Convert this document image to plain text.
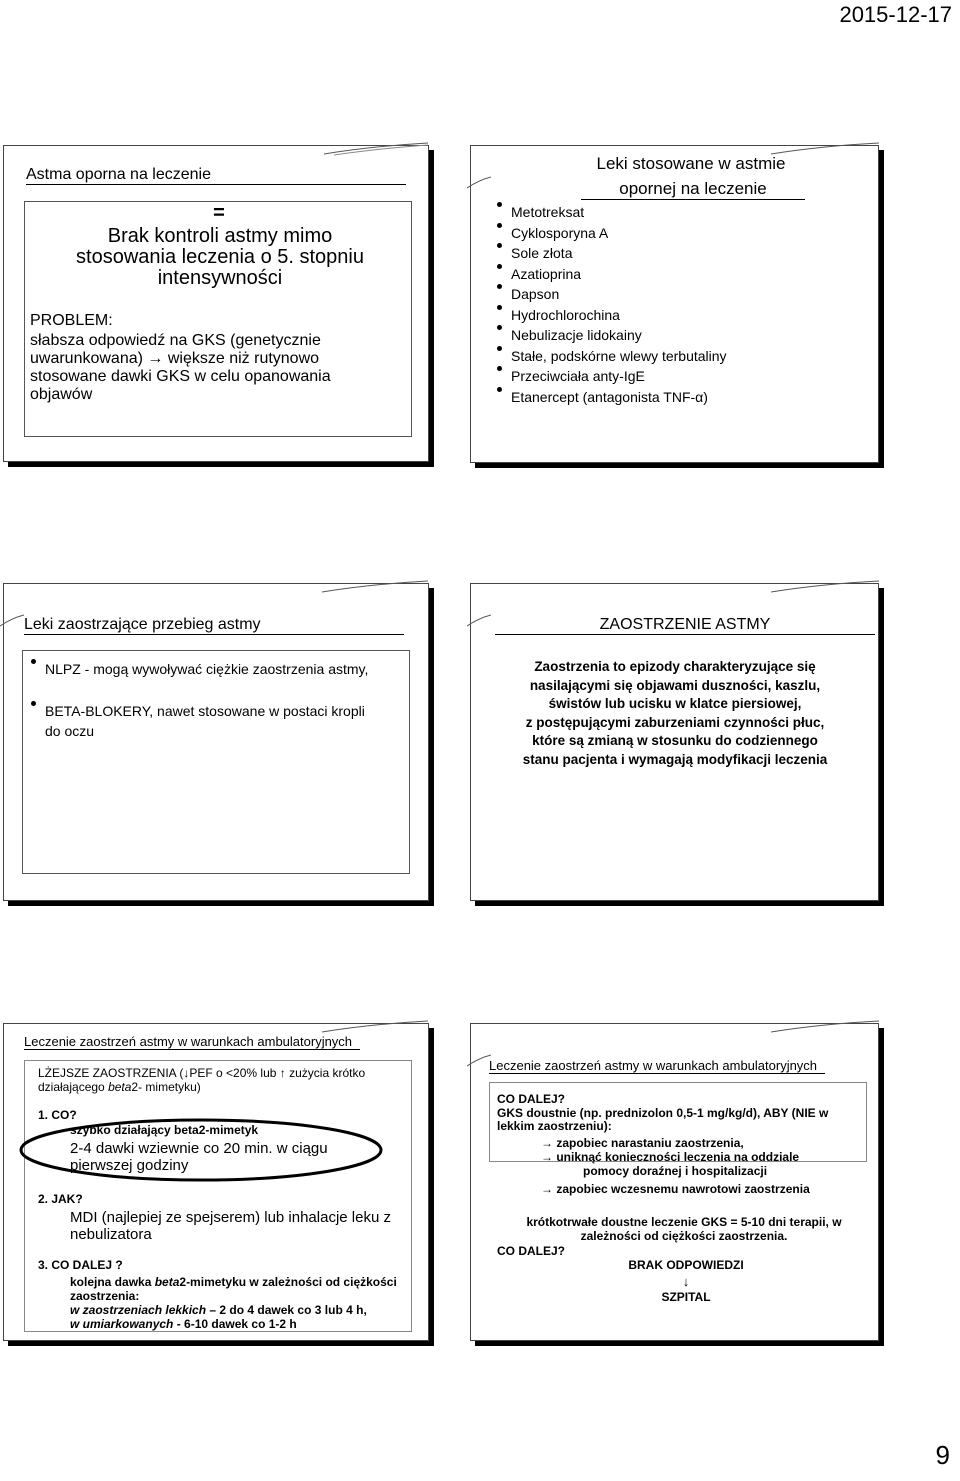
2015-12-17
9
Astma oporna na leczenie
=
Brak kontroli astmy mimo stosowania leczenia o 5. stopniu intensywności
PROBLEM:
słabsza odpowiedź na GKS (genetycznie uwarunkowana) → większe niż rutynowo stosowane dawki GKS w celu opanowania objawów
Leki stosowane w astmie
opornej na leczenie
Metotreksat
Cyklosporyna A
Sole złota
Azatioprina
Dapson
Hydrochlorochina
Nebulizacje lidokainy
Stałe, podskórne wlewy terbutaliny
Przeciwciała anty-IgE
Etanercept (antagonista TNF-α)
Leki zaostrzające przebieg astmy
NLPZ - mogą wywoływać ciężkie zaostrzenia astmy,
BETA-BLOKERY, nawet stosowane w postaci kropli do oczu
ZAOSTRZENIE ASTMY
Zaostrzenia to epizody charakteryzujące się
nasilającymi się objawami duszności, kaszlu,
świstów lub ucisku w klatce piersiowej,
z postępującymi zaburzeniami czynności płuc,
które są zmianą w stosunku do codziennego
stanu pacjenta i wymagają modyfikacji leczenia
Leczenie zaostrzeń astmy w warunkach ambulatoryjnych
LŻEJSZE ZAOSTRZENIA (↓PEF o <20% lub ↑ zużycia krótko
działającego beta2- mimetyku)
1. CO?
szybko działający beta2-mimetyk
2-4 dawki wziewnie co 20 min. w ciągu pierwszej godziny
2. JAK?
MDI (najlepiej ze spejserem) lub inhalacje leku z nebulizatora
3. CO DALEJ ?
kolejna dawka beta2-mimetyku w zależności od ciężkości zaostrzenia:
w zaostrzeniach lekkich – 2 do 4 dawek co 3 lub 4 h,
w umiarkowanych - 6-10 dawek co 1-2 h
Leczenie zaostrzeń astmy w warunkach ambulatoryjnych
CO DALEJ?
GKS doustnie (np. prednizolon 0,5-1 mg/kg/d), ABY (NIE w lekkim zaostrzeniu):
→ zapobiec narastaniu zaostrzenia,
→ uniknąć konieczności leczenia na oddziale
pomocy doraźnej i hospitalizacji
→ zapobiec wczesnemu nawrotowi zaostrzenia
krótkotrwałe doustne leczenie GKS = 5-10 dni terapii, w zależności od ciężkości zaostrzenia.
CO DALEJ?
BRAK ODPOWIEDZI
↓
SZPITAL
